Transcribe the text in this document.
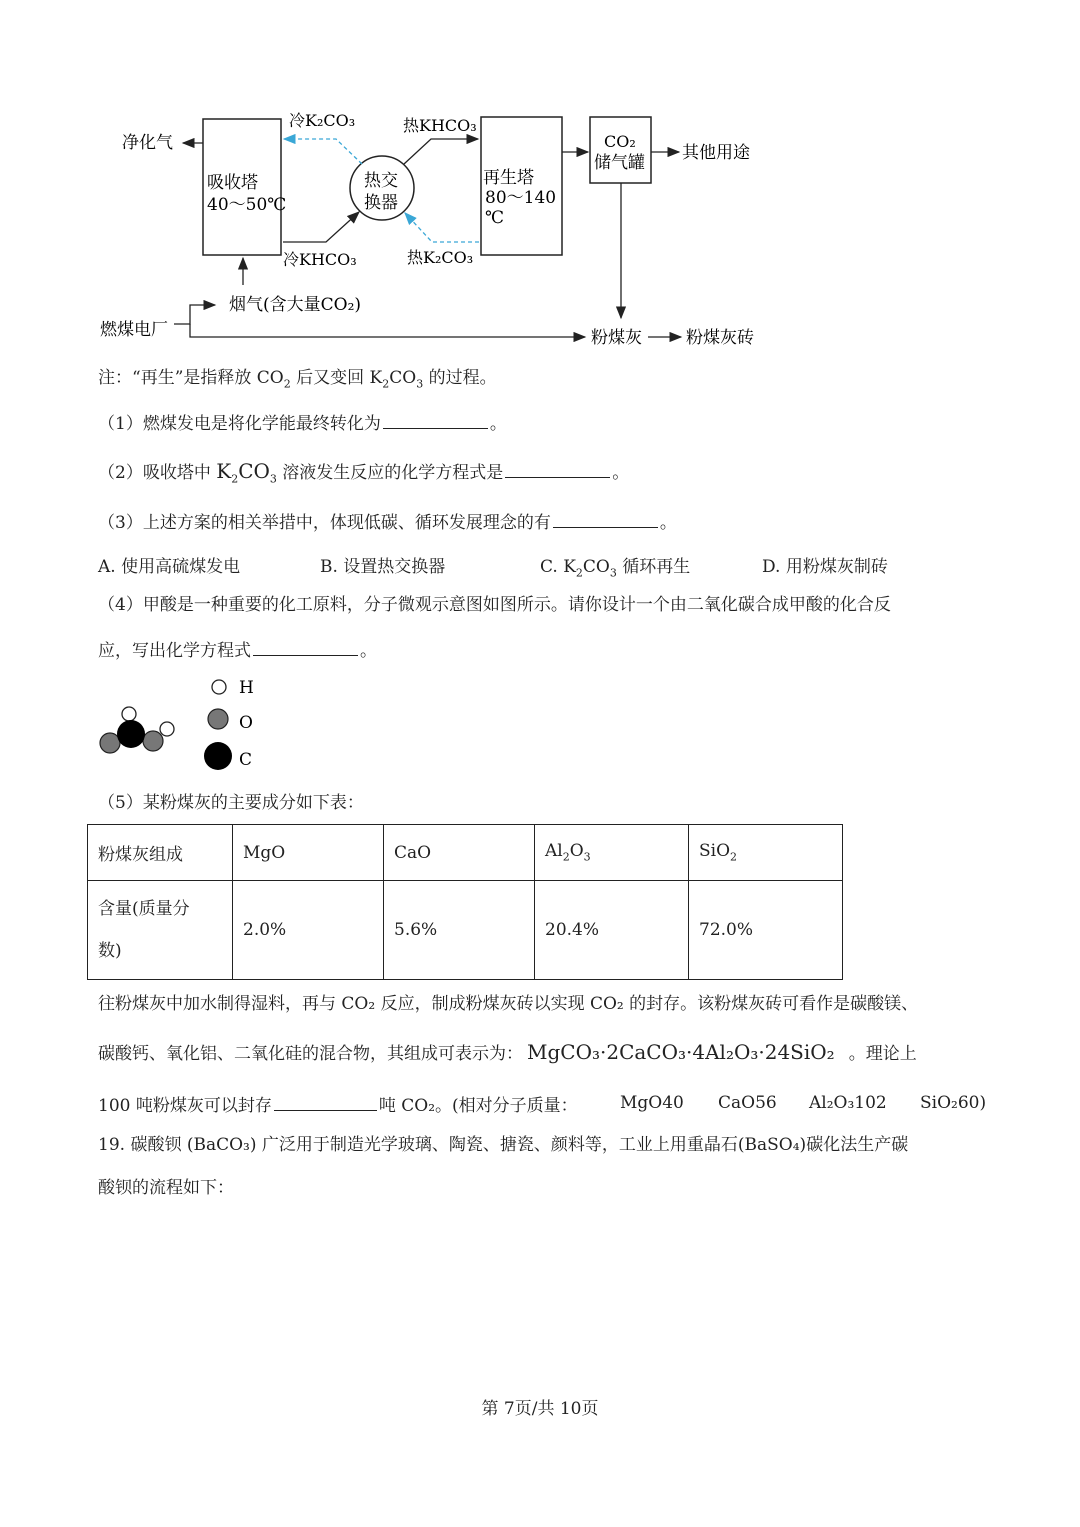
吸收塔
40～50℃
净化气
热交
换器
再生塔
80～140
℃
CO₂
储气罐 其他用途
冷K₂CO₃	热KHCO₃
冷KHCO₃	热K₂CO₃
烟气(含大量CO₂)
燃煤电厂	粉煤灰	粉煤灰砖
注：“再生”是指释放 $CO_2$ 后又变回 $K_2CO_3$ 的过程。
（1）燃煤发电是将化学能最终转化为	。
（2）吸收塔中 $K_2CO_3$ 溶液发生反应的化学方程式是	。
（3）上述方案的相关举措中，体现低碳、循环发展理念的有	。
A. 使用高硫煤发电	B. 设置热交换器	C. $K_2CO_3$ 循环再生	D. 用粉煤灰制砖
（4）甲酸是一种重要的化工原料，分子微观示意图如图所示。请你设计一个由二氧化碳合成甲酸的化合反
应，写出化学方程式	。
H
O
C
（5）某粉煤灰的主要成分如下表：
粉煤灰组成	MgO	CaO	$Al_2O_3$	SiO$_2$
含量(质量分
数)	2.0%	5.6%	20.4%	72.0%
往粉煤灰中加水制得湿料，再与 CO₂ 反应，制成粉煤灰砖以实现 CO₂ 的封存。该粉煤灰砖可看作是碳酸镁、
碳酸钙、氧化铝、二氧化硅的混合物，其组成可表示为： MgCO₃·2CaCO₃·4Al₂O₃·24SiO₂ 。理论上
100 吨粉煤灰可以封存	吨 CO₂。(相对分子质量： MgO40 CaO56 Al₂O₃102 SiO₂60)
19. 碳酸钡 (BaCO₃) 广泛用于制造光学玻璃、陶瓷、搪瓷、颜料等，工业上用重晶石(BaSO₄)碳化法生产碳
酸钡的流程如下：
第 7页/共 10页
